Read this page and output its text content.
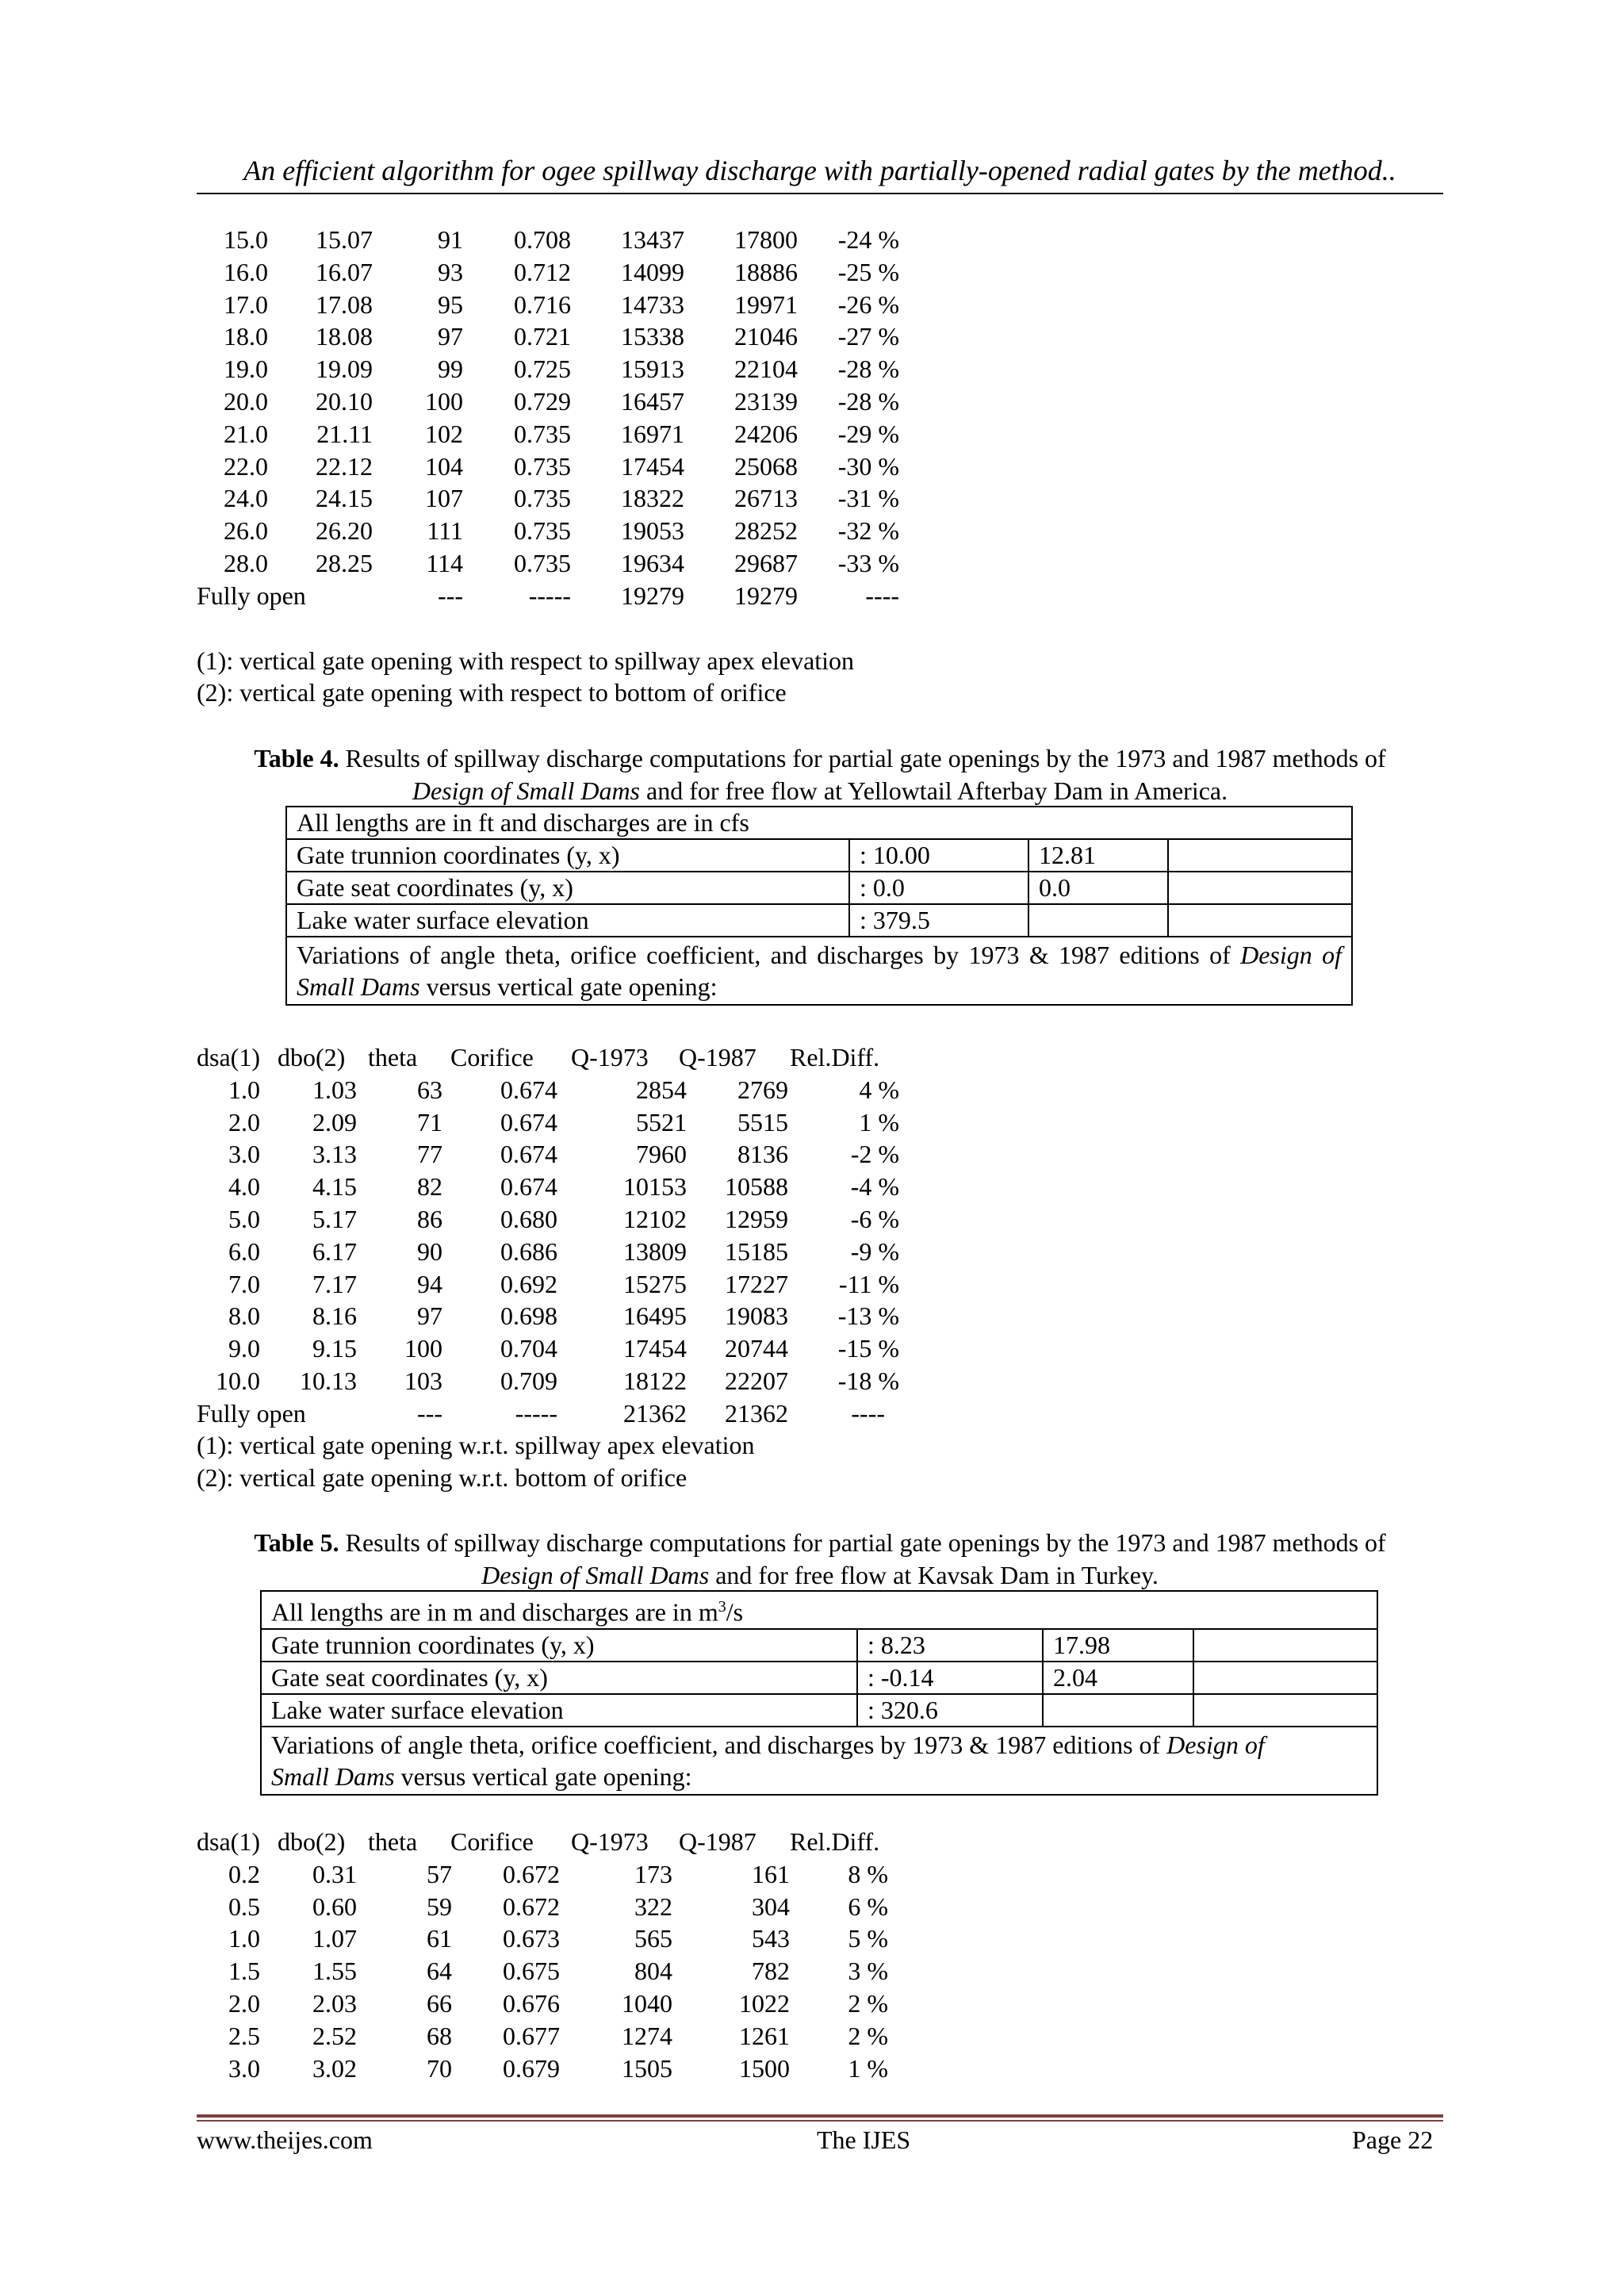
An efficient algorithm for ogee spillway discharge with partially-opened radial gates by the method..
15.0 15.07	91 0.708 13437 17800 -24 %
16.0 16.07	93 0.712 14099 18886 -25 %
17.0 17.08	95 0.716 14733 19971 -26 %
18.0 18.08	97 0.721 15338 21046 -27 %
19.0 19.09	99 0.725 15913 22104 -28 %
20.0 20.10 100 0.729 16457 23139 -28 %
21.0 21.11 102 0.735 16971 24206 -29 %
22.0 22.12 104 0.735 17454 25068 -30 %
24.0 24.15 107 0.735 18322 26713 -31 %
26.0 26.20 111 0.735 19053 28252 -32 %
28.0 28.25 114 0.735 19634 29687 -33 %
Fully open	---	----- 19279 19279	----
(1): vertical gate opening with respect to spillway apex elevation
(2): vertical gate opening with respect to bottom of orifice
Table 4. Results of spillway discharge computations for partial gate openings by the 1973 and 1987 methods of
Design of Small Dams and for free flow at Yellowtail Afterbay Dam in America.
All lengths are in ft and discharges are in cfs			
Gate trunnion coordinates (y, x)	: 10.00	12.81	
Gate seat coordinates (y, x)	: 0.0	0.0	
Lake water surface elevation	: 379.5		
Variations of angle theta, orifice coefficient, and discharges by 1973 & 1987 editions of Design of Small Dams versus vertical gate opening:			
dsa(1) dbo(2) theta Corifice Q-1973 Q-1987 Rel.Diff.
1.0 1.03 63 0.674	2854 2769	4 %
2.0 2.09 71 0.674	5521 5515	1 %
3.0 3.13 77 0.674	7960 8136 -2 %
4.0 4.15 82 0.674	10153 10588 -4 %
5.0 5.17 86 0.680	12102 12959 -6 %
6.0 6.17 90 0.686	13809 15185 -9 %
7.0 7.17 94 0.692	15275 17227 -11 %
8.0 8.16 97 0.698	16495 19083 -13 %
9.0 9.15 100 0.704	17454 20744 -15 %
10.0 10.13 103 0.709	18122 22207 -18 %
Fully open	---	-----	21362 21362 ----
(1): vertical gate opening w.r.t. spillway apex elevation
(2): vertical gate opening w.r.t. bottom of orifice
Table 5. Results of spillway discharge computations for partial gate openings by the 1973 and 1987 methods of
Design of Small Dams and for free flow at Kavsak Dam in Turkey.
All lengths are in m and discharges are in $m^3/s$			
Gate trunnion coordinates (y, x)	: 8.23	17.98	
Gate seat coordinates (y, x)	: -0.14	2.04	
Lake water surface elevation	: 320.6		
Variations of angle theta, orifice coefficient, and discharges by 1973 & 1987 editions of Design of
Small Dams versus vertical gate opening:			
dsa(1) dbo(2) theta Corifice Q-1973 Q-1987 Rel.Diff.
0.2 0.31	57 0.672	173	161 8 %
0.5 0.60	59 0.672	322	304 6 %
1.0 1.07	61 0.673	565	543 5 %
1.5 1.55	64 0.675	804	782 3 %
2.0 2.03	66 0.676 1040	1022 2 %
2.5 2.52	68 0.677 1274	1261 2 %
3.0 3.02	70 0.679 1505	1500 1 %
www.theijes.com	The IJES	Page 22
